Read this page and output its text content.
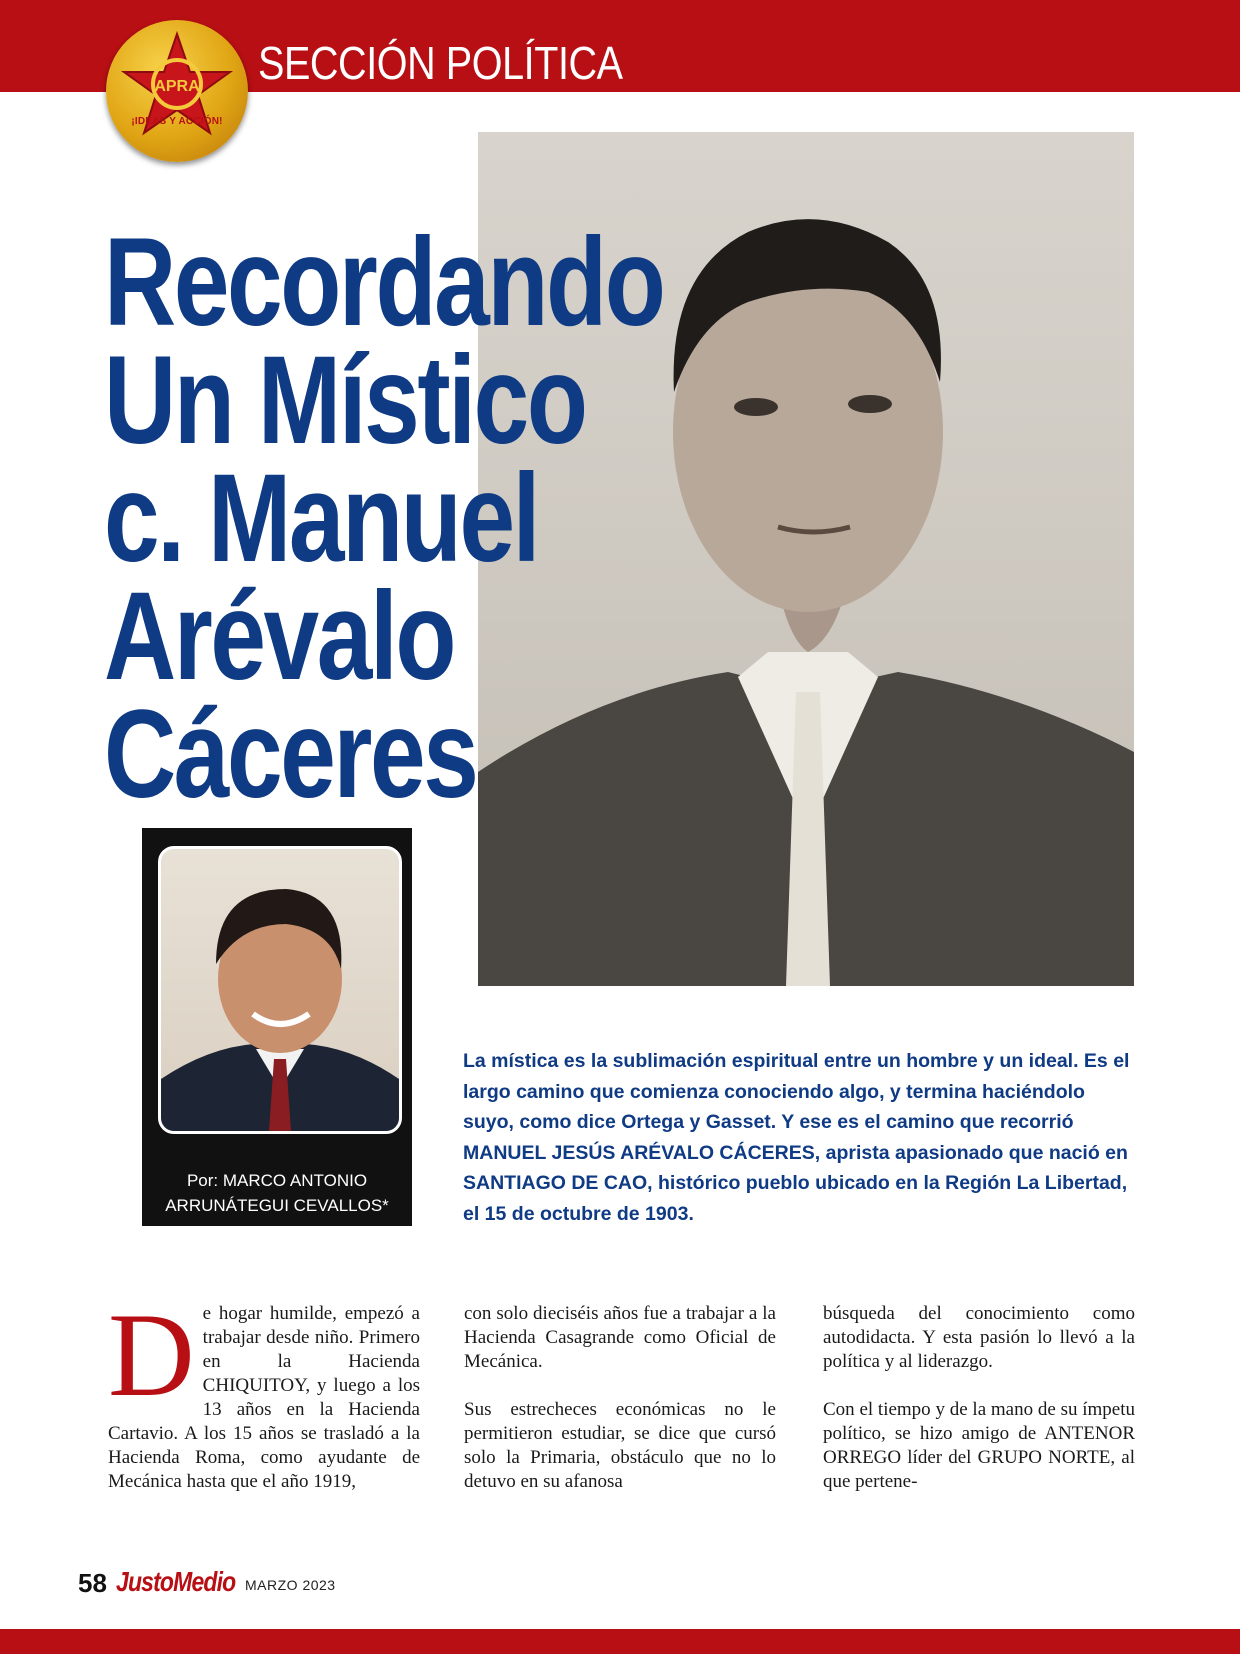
SECCIÓN POLÍTICA
APRA
¡IDEAS Y ACCIÓN!
Recordando
Un Místico
c. Manuel
Arévalo
Cáceres
Por: MARCO ANTONIO
ARRUNÁTEGUI CEVALLOS*
La mística es la sublimación espiritual entre un hombre y un ideal. Es el largo camino que comienza conociendo algo, y termina haciéndolo suyo, como dice Ortega y Gasset. Y ese es el camino que recorrió MANUEL JESÚS ARÉVALO CÁCERES, aprista apasionado que nació en SANTIAGO DE CAO, histórico pueblo ubicado en la Región La Libertad, el 15 de octubre de 1903.

De hogar humilde, empezó a trabajar desde niño. Primero en la Hacienda CHIQUITOY, y luego a los 13 años en la Hacienda Cartavio. A los 15 años se trasladó a la Hacienda Roma, como ayudante de Mecánica hasta que el año 1919,

con solo dieciséis años fue a trabajar a la Hacienda Casagrande como Oficial de Mecánica.

Sus estrecheces económicas no le permitieron estudiar, se dice que cursó solo la Primaria, obstáculo que no lo detuvo en su afanosa

búsqueda del conocimiento como autodidacta. Y esta pasión lo llevó a la política y al liderazgo.

Con el tiempo y de la mano de su ímpetu político, se hizo amigo de ANTENOR ORREGO líder del GRUPO NORTE, al que pertene-

58 JustoMedio MARZO 2023
